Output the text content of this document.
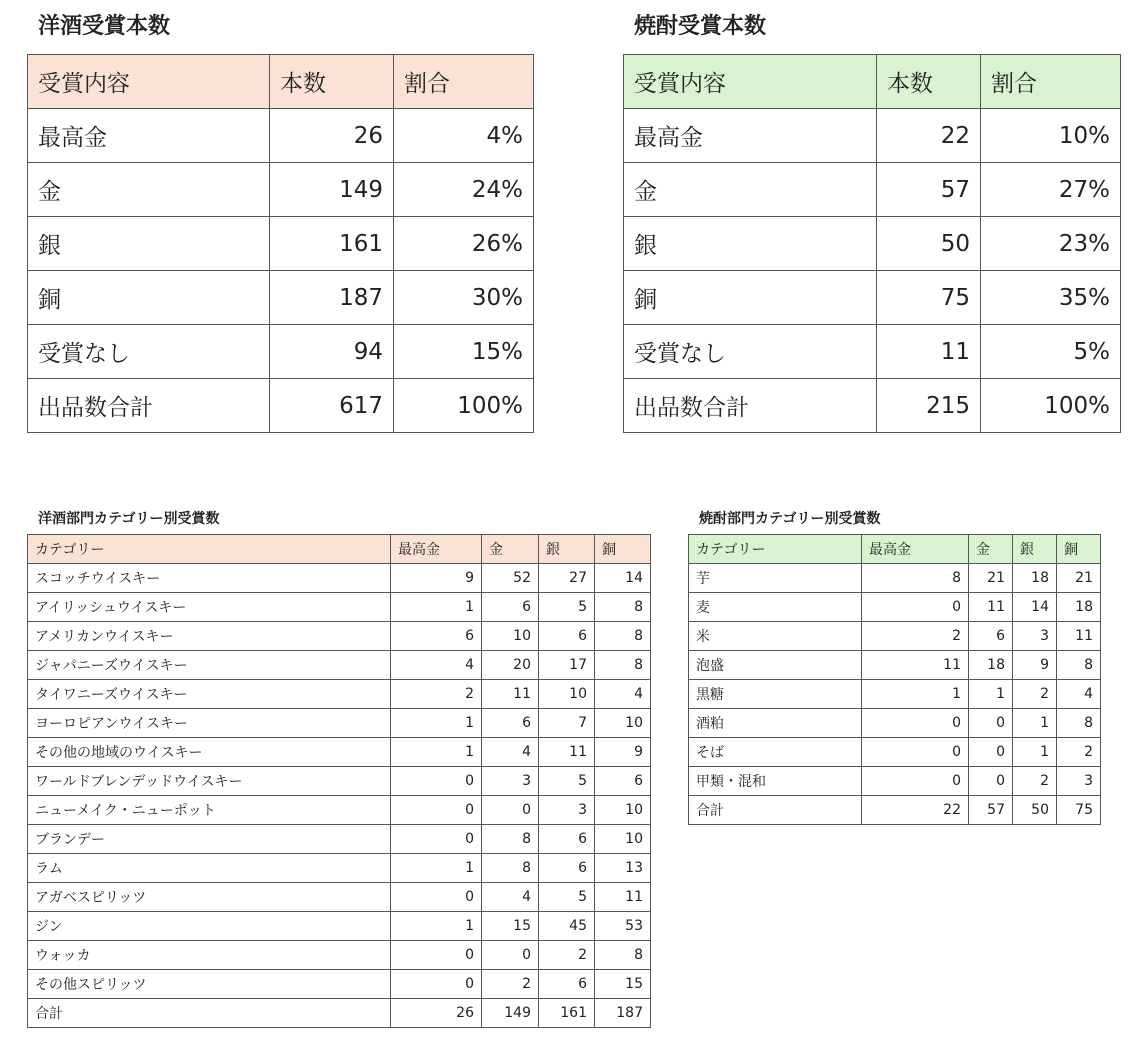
洋酒受賞本数	焼酎受賞本数
受賞内容	本数	割合
最高金	26	4%
金	149	24%
銀	161	26%
銅	187	30%
受賞なし	94	15%
出品数合計	617	100%
受賞内容	本数	割合
最高金	22	10%
金	57	27%
銀	50	23%
銅	75	35%
受賞なし	11	5%
出品数合計	215	100%
洋酒部門カテゴリー別受賞数	焼酎部門カテゴリー別受賞数
カテゴリー	最高金	金	銀	銅
スコッチウイスキー	9	52	27	14
アイリッシュウイスキー	1	6	5	8
アメリカンウイスキー	6	10	6	8
ジャパニーズウイスキー	4	20	17	8
タイワニーズウイスキー	2	11	10	4
ヨーロピアンウイスキー	1	6	7	10
その他の地域のウイスキー	1	4	11	9
ワールドブレンデッドウイスキー	0	3	5	6
ニューメイク・ニューポット	0	0	3	10
ブランデー	0	8	6	10
ラム	1	8	6	13
アガベスピリッツ	0	4	5	11
ジン	1	15	45	53
ウォッカ	0	0	2	8
その他スピリッツ	0	2	6	15
合計	26	149	161	187
カテゴリー	最高金	金	銀	銅
芋	8	21	18	21
麦	0	11	14	18
米	2	6	3	11
泡盛	11	18	9	8
黒糖	1	1	2	4
酒粕	0	0	1	8
そば	0	0	1	2
甲類・混和	0	0	2	3
合計	22	57	50	75
